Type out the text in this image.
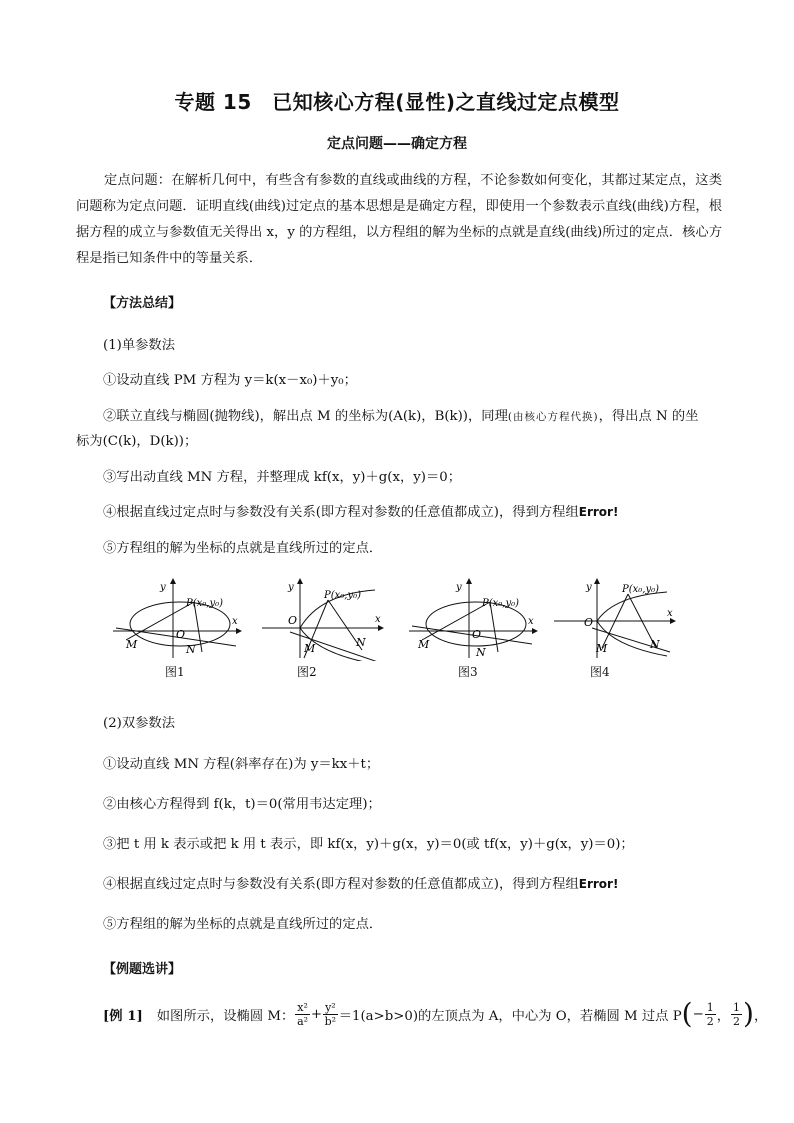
专题 15　已知核心方程(显性)之直线过定点模型
定点问题——确定方程
定点问题：在解析几何中，有些含有参数的直线或曲线的方程，不论参数如何变化，其都过某定点，这类问题称为定点问题．证明直线(曲线)过定点的基本思想是是确定方程，即使用一个参数表示直线(曲线)方程，根据方程的成立与参数值无关得出 x，y 的方程组，以方程组的解为坐标的点就是直线(曲线)所过的定点．核心方程是指已知条件中的等量关系．
【方法总结】
(1)单参数法
①设动直线 PM 方程为 y＝k(x－x₀)＋y₀；
②联立直线与椭圆(抛物线)，解出点 M 的坐标为(A(k)，B(k))，同理(由核心方程代换)，得出点 N 的坐
标为(C(k)，D(k))；
③写出动直线 MN 方程，并整理成 kf(x，y)＋g(x，y)＝0；
④根据直线过定点时与参数没有关系(即方程对参数的任意值都成立)，得到方程组Error!
⑤方程组的解为坐标的点就是直线所过的定点．
y
x
O
P(x₀,y₀)
M	N
y
x
O
P(x₀,y₀)
M	N
y
x
O
P(x₀,y₀)
M
N
y
x
O
P(x₀,y₀)
M	N
图1	图2	图3	图4
(2)双参数法
①设动直线 MN 方程(斜率存在)为 y＝kx＋t；
②由核心方程得到 f(k，t)＝0(常用韦达定理)；
③把 t 用 k 表示或把 k 用 t 表示，即 kf(x，y)＋g(x，y)＝0(或 tf(x，y)＋g(x，y)＝0)；
④根据直线过定点时与参数没有关系(即方程对参数的任意值都成立)，得到方程组Error!
⑤方程组的解为坐标的点就是直线所过的定点．
【例题选讲】
[例 1] 如图所示，设椭圆 M： $\frac{\text{x²}}{\text{a²}} + \frac{\text{y²}}{\text{b²}} =1(a>b>0)$的左顶点为 A，中心为 O，若椭圆 M 过点 P ( − $\frac{1}{2}$ ， $\frac{1}{2}$ ) ，
